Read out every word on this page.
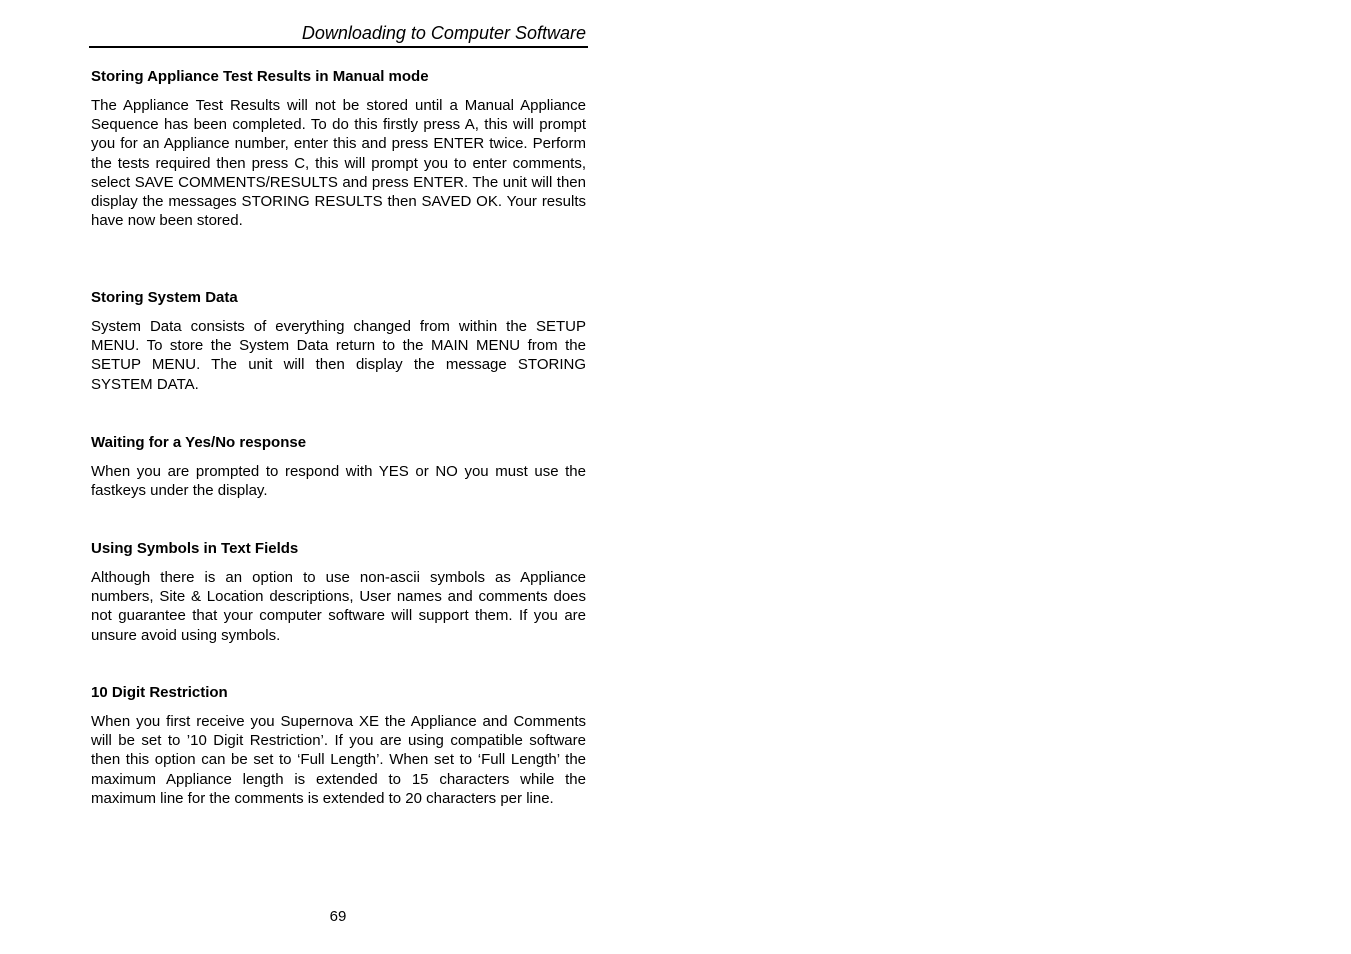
Downloading to Computer Software
Storing Appliance Test Results in Manual mode

The Appliance Test Results will not be stored until a Manual Appliance Sequence has been completed. To do this firstly press A, this will prompt you for an Appliance number, enter this and press ENTER twice. Perform the tests required then press C, this will prompt you to enter comments, select SAVE COMMENTS/RESULTS and press ENTER. The unit will then display the messages STORING RESULTS then SAVED OK. Your results have now been stored.

Storing System Data

System Data consists of everything changed from within the SETUP MENU. To store the System Data return to the MAIN MENU from the SETUP MENU. The unit will then display the message STORING SYSTEM DATA.

Waiting for a Yes/No response

When you are prompted to respond with YES or NO you must use the fastkeys under the display.

Using Symbols in Text Fields

Although there is an option to use non-ascii symbols as Appliance numbers, Site & Location descriptions, User names and comments does not guarantee that your computer software will support them. If you are unsure avoid using symbols.

10 Digit Restriction

When you first receive you Supernova XE the Appliance and Comments will be set to ’10 Digit Restriction’. If you are using compatible software then this option can be set to ‘Full Length’. When set to ‘Full Length’ the maximum Appliance length is extended to 15 characters while the maximum line for the comments is extended to 20 characters per line.

69
